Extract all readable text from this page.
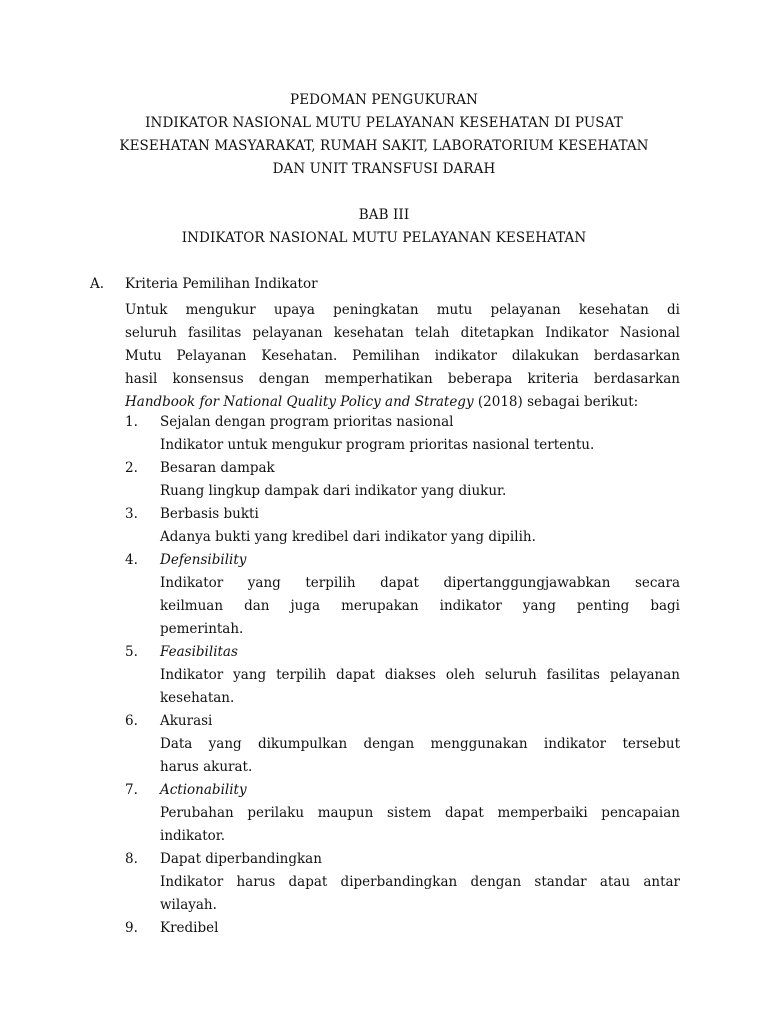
PEDOMAN PENGUKURAN
INDIKATOR NASIONAL MUTU PELAYANAN KESEHATAN DI PUSAT
KESEHATAN MASYARAKAT, RUMAH SAKIT, LABORATORIUM KESEHATAN
DAN UNIT TRANSFUSI DARAH
BAB III
INDIKATOR NASIONAL MUTU PELAYANAN KESEHATAN
A. Kriteria Pemilihan Indikator
Untuk mengukur upaya peningkatan mutu pelayanan kesehatan di
seluruh fasilitas pelayanan kesehatan telah ditetapkan Indikator Nasional
Mutu Pelayanan Kesehatan. Pemilihan indikator dilakukan berdasarkan
hasil konsensus dengan memperhatikan beberapa kriteria berdasarkan
Handbook for National Quality Policy and Strategy (2018) sebagai berikut:
1. Sejalan dengan program prioritas nasional
Indikator untuk mengukur program prioritas nasional tertentu.
2. Besaran dampak
Ruang lingkup dampak dari indikator yang diukur.
3. Berbasis bukti
Adanya bukti yang kredibel dari indikator yang dipilih.
4. Defensibility
Indikator yang terpilih dapat dipertanggungjawabkan secara
keilmuan dan juga merupakan indikator yang penting bagi
pemerintah.
5. Feasibilitas
Indikator yang terpilih dapat diakses oleh seluruh fasilitas pelayanan
kesehatan.
6. Akurasi
Data yang dikumpulkan dengan menggunakan indikator tersebut
harus akurat.
7. Actionability
Perubahan perilaku maupun sistem dapat memperbaiki pencapaian
indikator.
8. Dapat diperbandingkan
Indikator harus dapat diperbandingkan dengan standar atau antar
wilayah.
9. Kredibel
